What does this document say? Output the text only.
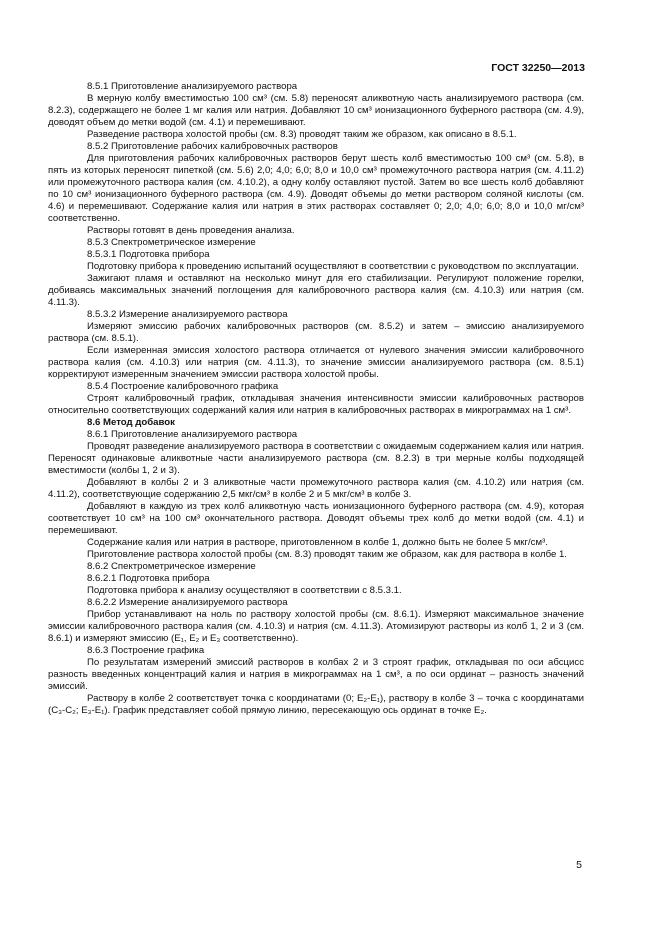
ГОСТ 32250—2013
8.5.1 Приготовление анализируемого раствора
В мерную колбу вместимостью 100 см³ (см. 5.8) переносят аликвотную часть анализируемого раствора (см. 8.2.3), содержащего не более 1 мг калия или натрия. Добавляют 10 см³ ионизационного буферного раствора (см. 4.9), доводят объем до метки водой (см. 4.1) и перемешивают.
Разведение раствора холостой пробы (см. 8.3) проводят таким же образом, как описано в 8.5.1.
8.5.2 Приготовление рабочих калибровочных растворов
Для приготовления рабочих калибровочных растворов берут шесть колб вместимостью 100 см³ (см. 5.8), в пять из которых переносят пипеткой (см. 5.6) 2,0; 4,0; 6,0; 8,0 и 10,0 см³ промежуточного раствора натрия (см. 4.11.2) или промежуточного раствора калия (см. 4.10.2), а одну колбу оставляют пустой. Затем во все шесть колб добавляют по 10 см³ ионизационного буферного раствора (см. 4.9). Доводят объемы до метки раствором соляной кислоты (см. 4.6) и перемешивают. Содержание калия или натрия в этих растворах составляет 0; 2,0; 4,0; 6,0; 8,0 и 10,0 мг/см³ соответственно.
Растворы готовят в день проведения анализа.
8.5.3 Спектрометрическое измерение
8.5.3.1 Подготовка прибора
Подготовку прибора к проведению испытаний осуществляют в соответствии с руководством по эксплуатации.
Зажигают пламя и оставляют на несколько минут для его стабилизации. Регулируют положение горелки, добиваясь максимальных значений поглощения для калибровочного раствора калия (см. 4.10.3) или натрия (см. 4.11.3).
8.5.3.2 Измерение анализируемого раствора
Измеряют эмиссию рабочих калибровочных растворов (см. 8.5.2) и затем – эмиссию анализируемого раствора (см. 8.5.1).
Если измеренная эмиссия холостого раствора отличается от нулевого значения эмиссии калибровочного раствора калия (см. 4.10.3) или натрия (см. 4.11.3), то значение эмиссии анализируемого раствора (см. 8.5.1) корректируют измеренным значением эмиссии раствора холостой пробы.
8.5.4 Построение калибровочного графика
Строят калибровочный график, откладывая значения интенсивности эмиссии калибровочных растворов относительно соответствующих содержаний калия или натрия в калибровочных растворах в микрограммах на 1 см³.
8.6 Метод добавок
8.6.1 Приготовление анализируемого раствора
Проводят разведение анализируемого раствора в соответствии с ожидаемым содержанием калия или натрия. Переносят одинаковые аликвотные части анализируемого раствора (см. 8.2.3) в три мерные колбы подходящей вместимости (колбы 1, 2 и 3).
Добавляют в колбы 2 и 3 аликвотные части промежуточного раствора калия (см. 4.10.2) или натрия (см. 4.11.2), соответствующие содержанию 2,5 мкг/см³ в колбе 2 и 5 мкг/см³ в колбе 3.
Добавляют в каждую из трех колб аликвотную часть ионизационного буферного раствора (см. 4.9), которая соответствует 10 см³ на 100 см³ окончательного раствора. Доводят объемы трех колб до метки водой (см. 4.1) и перемешивают.
Содержание калия или натрия в растворе, приготовленном в колбе 1, должно быть не более 5 мкг/см³.
Приготовление раствора холостой пробы (см. 8.3) проводят таким же образом, как для раствора в колбе 1.
8.6.2 Спектрометрическое измерение
8.6.2.1 Подготовка прибора
Подготовка прибора к анализу осуществляют в соответствии с 8.5.3.1.
8.6.2.2 Измерение анализируемого раствора
Прибор устанавливают на ноль по раствору холостой пробы (см. 8.6.1). Измеряют максимальное значение эмиссии калибровочного раствора калия (см. 4.10.3) и натрия (см. 4.11.3). Атомизируют растворы из колб 1, 2 и 3 (см. 8.6.1) и измеряют эмиссию (E₁, E₂ и E₃ соответственно).
8.6.3 Построение графика
По результатам измерений эмиссий растворов в колбах 2 и 3 строят график, откладывая по оси абсцисс разность введенных концентраций калия и натрия в микрограммах на 1 см³, а по оси ординат – разность значений эмиссий.
Раствору в колбе 2 соответствует точка с координатами (0; E₂-E₁), раствору в колбе 3 – точка с координатами (C₃-C₂; E₃-E₁). График представляет собой прямую линию, пересекающую ось ординат в точке E₂.
5
